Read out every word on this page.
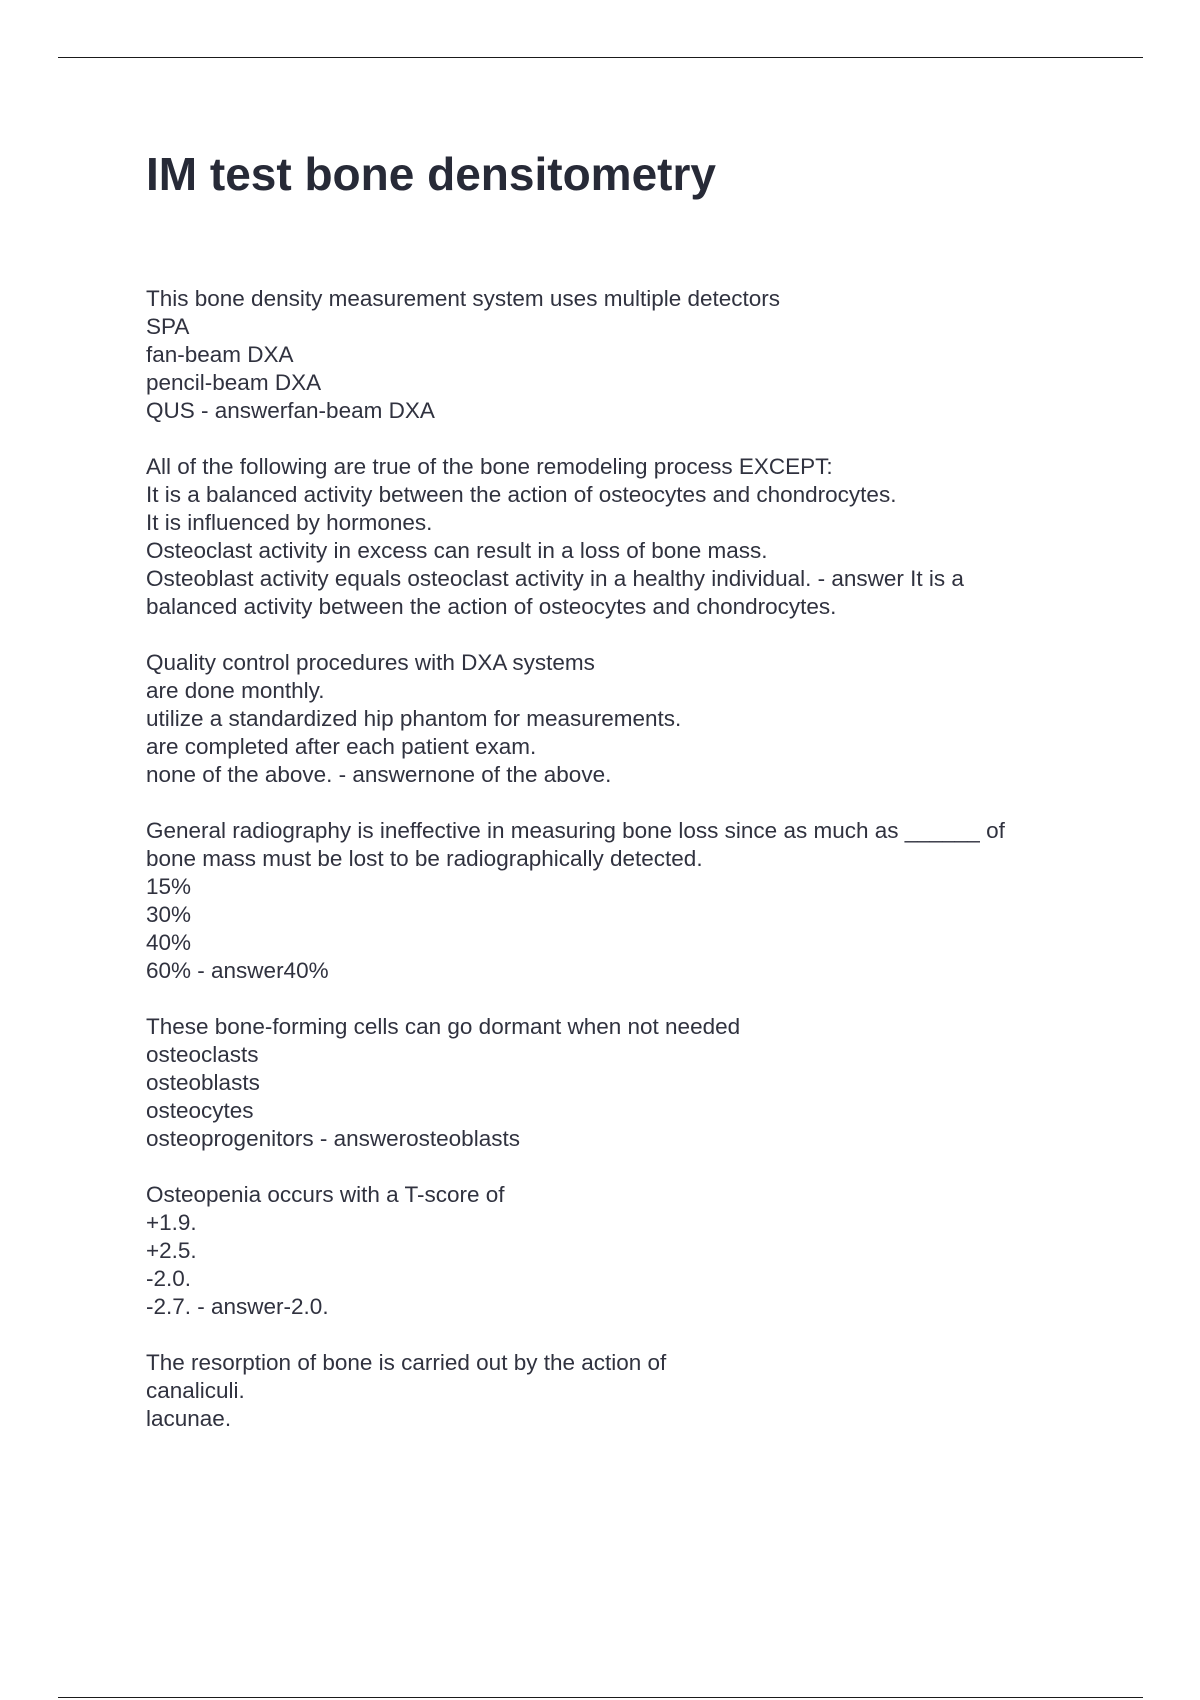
IM test bone densitometry
This bone density measurement system uses multiple detectors
SPA
fan-beam DXA
pencil-beam DXA
QUS - answerfan-beam DXA
All of the following are true of the bone remodeling process EXCEPT:
It is a balanced activity between the action of osteocytes and chondrocytes.
It is influenced by hormones.
Osteoclast activity in excess can result in a loss of bone mass.
Osteoblast activity equals osteoclast activity in a healthy individual. - answer It is a
balanced activity between the action of osteocytes and chondrocytes.
Quality control procedures with DXA systems
are done monthly.
utilize a standardized hip phantom for measurements.
are completed after each patient exam.
none of the above. - answernone of the above.
General radiography is ineffective in measuring bone loss since as much as ______ of
bone mass must be lost to be radiographically detected.
15%
30%
40%
60% - answer40%
These bone-forming cells can go dormant when not needed
osteoclasts
osteoblasts
osteocytes
osteoprogenitors - answerosteoblasts
Osteopenia occurs with a T-score of
+1.9.
+2.5.
-2.0.
-2.7. - answer-2.0.
The resorption of bone is carried out by the action of
canaliculi.
lacunae.
